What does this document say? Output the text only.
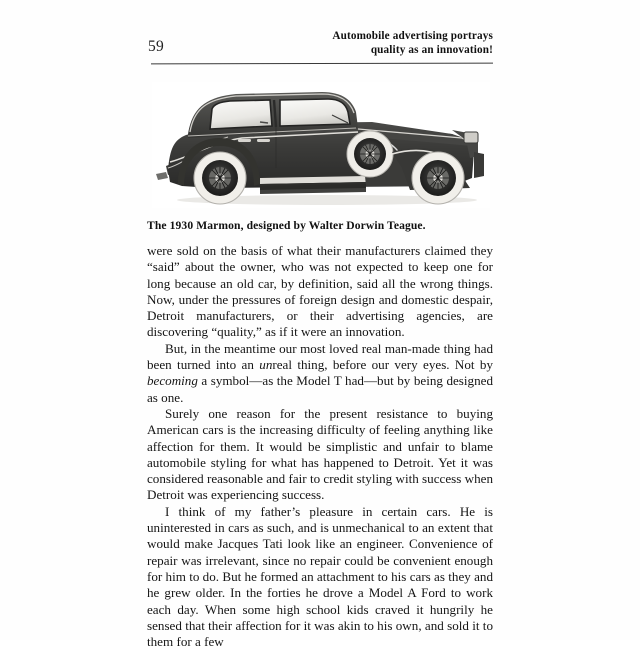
59
Automobile advertising portrays
quality as an innovation!
The 1930 Marmon, designed by Walter Dorwin Teague.

were sold on the basis of what their manufacturers claimed they “said” about the owner, who was not expected to keep one for long because an old car, by definition, said all the wrong things. Now, under the pressures of foreign design and domestic despair, Detroit manufacturers, or their advertising agencies, are discovering “quality,” as if it were an innovation.

But, in the meantime our most loved real man-made thing had been turned into an unreal thing, before our very eyes. Not by becoming a symbol—as the Model T had—but by being designed as one.

Surely one reason for the present resistance to buying American cars is the increasing difficulty of feeling anything like affection for them. It would be simplistic and unfair to blame automobile styling for what has happened to Detroit. Yet it was considered reasonable and fair to credit styling with success when Detroit was experiencing success.

I think of my father’s pleasure in certain cars. He is uninterested in cars as such, and is unmechanical to an extent that would make Jacques Tati look like an engineer. Convenience of repair was irrelevant, since no repair could be convenient enough for him to do. But he formed an attachment to his cars as they and he grew older. In the forties he drove a Model A Ford to work each day. When some high school kids craved it hungrily he sensed that their affection for it was akin to his own, and sold it to them for a few
